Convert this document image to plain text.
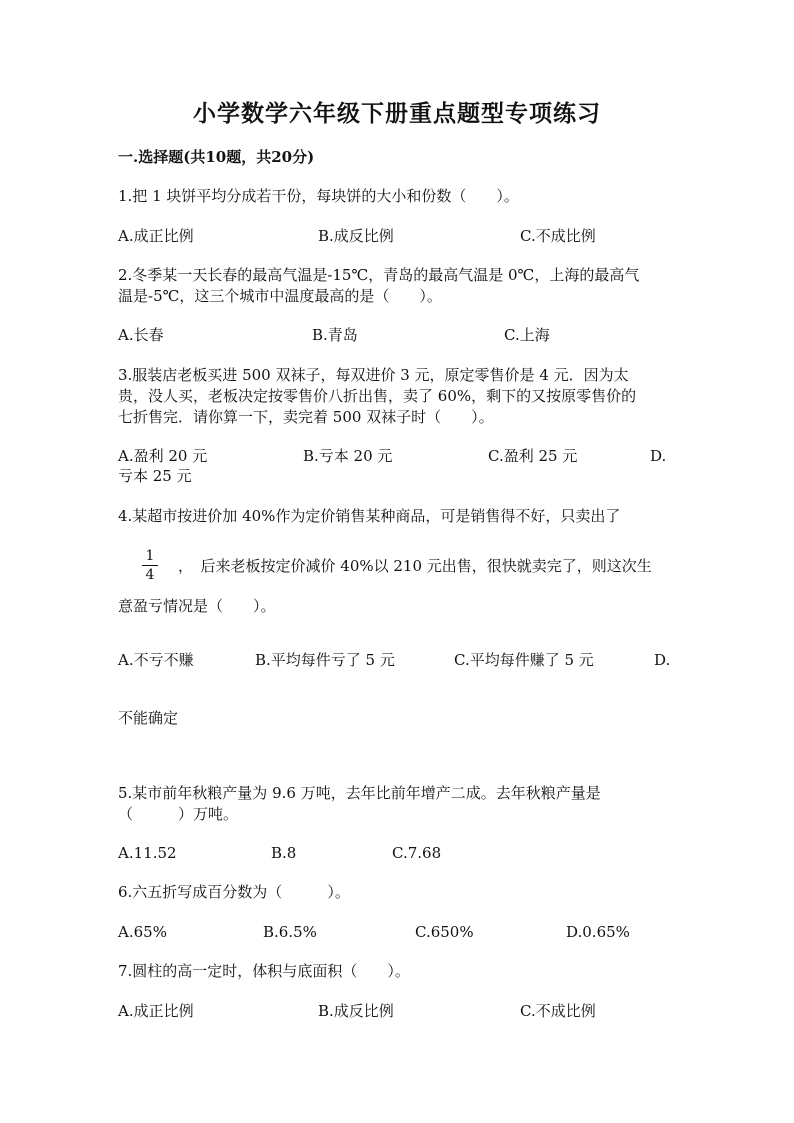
小学数学六年级下册重点题型专项练习
一.选择题(共10题，共20分)
1.把 1 块饼平均分成若干份，每块饼的大小和份数（　　）。
A.成正比例	B.成反比例	C.不成比例
2.冬季某一天长春的最高气温是-15℃，青岛的最高气温是 0℃，上海的最高气
温是-5℃，这三个城市中温度最高的是（　　）。
A.长春	B.青岛	C.上海
3.服装店老板买进 500 双袜子，每双进价 3 元，原定零售价是 4 元．因为太
贵，没人买，老板决定按零售价八折出售，卖了 60%，剩下的又按原零售价的
七折售完．请你算一下，卖完着 500 双袜子时（　　）。
A.盈利 20 元	B.亏本 20 元	C.盈利 25 元	D.
亏本 25 元
4.某超市按进价加 40%作为定价销售某种商品，可是销售得不好，只卖出了
1
4 ，　后来老板按定价减价 40%以 210 元出售，很快就卖完了，则这次生
意盈亏情况是（　　）。
A.不亏不赚	B.平均每件亏了 5 元	C.平均每件赚了 5 元	D.
不能确定
5.某市前年秋粮产量为 9.6 万吨，去年比前年增产二成。去年秋粮产量是
（　　　）万吨。
A.11.52	B.8	C.7.68
6.六五折写成百分数为（　　　）。
A.65%	B.6.5%	C.650%	D.0.65%
7.圆柱的高一定时，体积与底面积（　　）。
A.成正比例	B.成反比例	C.不成比例
